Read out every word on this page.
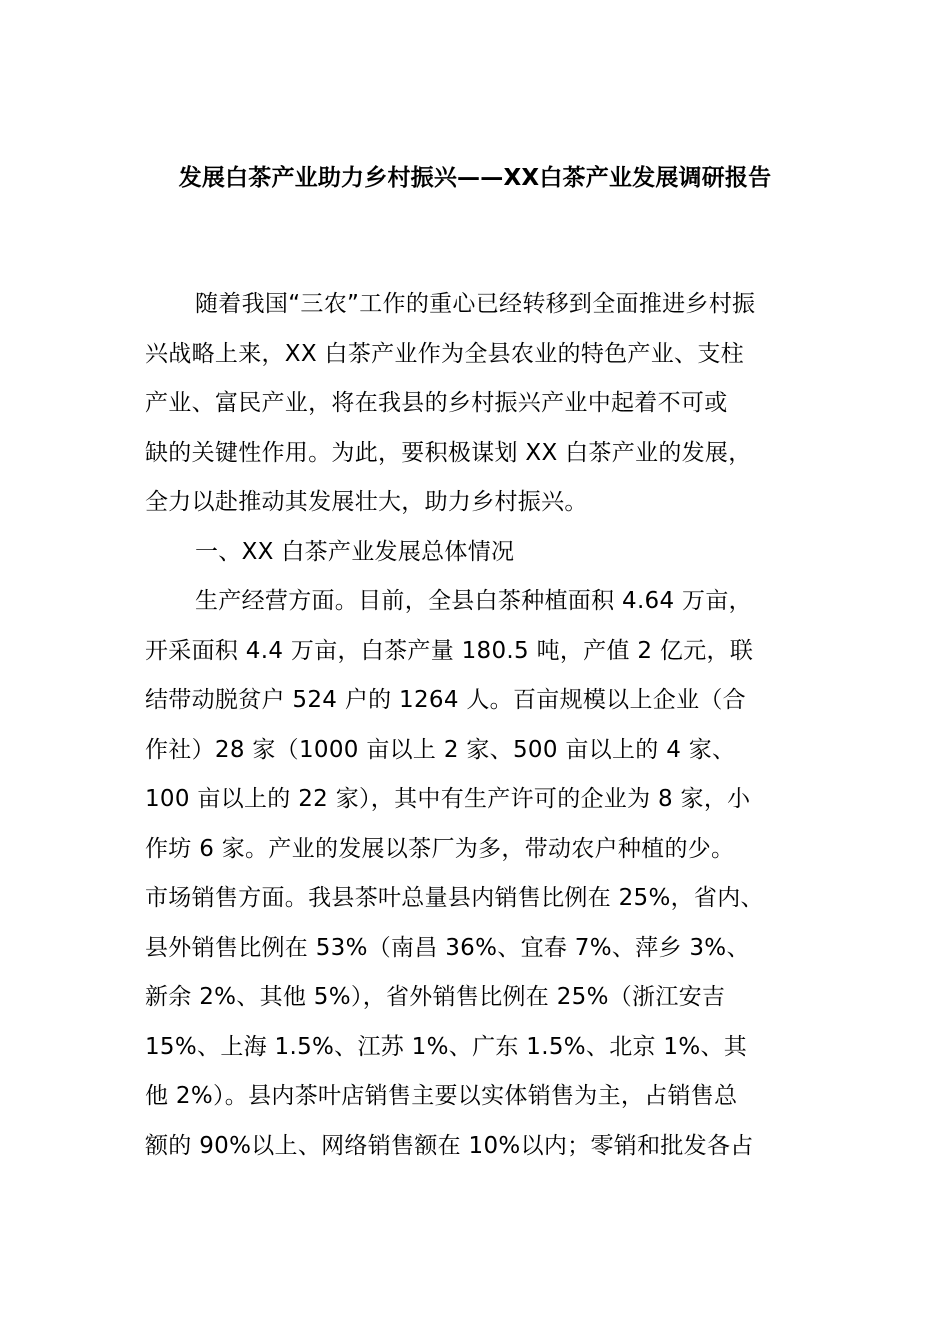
发展白茶产业助力乡村振兴——XX白茶产业发展调研报告
随着我国“三农”工作的重心已经转移到全面推进乡村振
兴战略上来，XX 白茶产业作为全县农业的特色产业、支柱
产业、富民产业，将在我县的乡村振兴产业中起着不可或
缺的关键性作用。为此，要积极谋划 XX 白茶产业的发展，
全力以赴推动其发展壮大，助力乡村振兴。
一、XX 白茶产业发展总体情况
生产经营方面。目前，全县白茶种植面积 4.64 万亩，
开采面积 4.4 万亩，白茶产量 180.5 吨，产值 2 亿元，联
结带动脱贫户 524 户的 1264 人。百亩规模以上企业（合
作社）28 家（1000 亩以上 2 家、500 亩以上的 4 家、
100 亩以上的 22 家），其中有生产许可的企业为 8 家，小
作坊 6 家。产业的发展以茶厂为多，带动农户种植的少。
市场销售方面。我县茶叶总量县内销售比例在 25%，省内、
县外销售比例在 53%（南昌 36%、宜春 7%、萍乡 3%、
新余 2%、其他 5%），省外销售比例在 25%（浙江安吉
15%、上海 1.5%、江苏 1%、广东 1.5%、北京 1%、其
他 2%）。县内茶叶店销售主要以实体销售为主，占销售总
额的 90%以上、网络销售额在 10%以内；零销和批发各占
